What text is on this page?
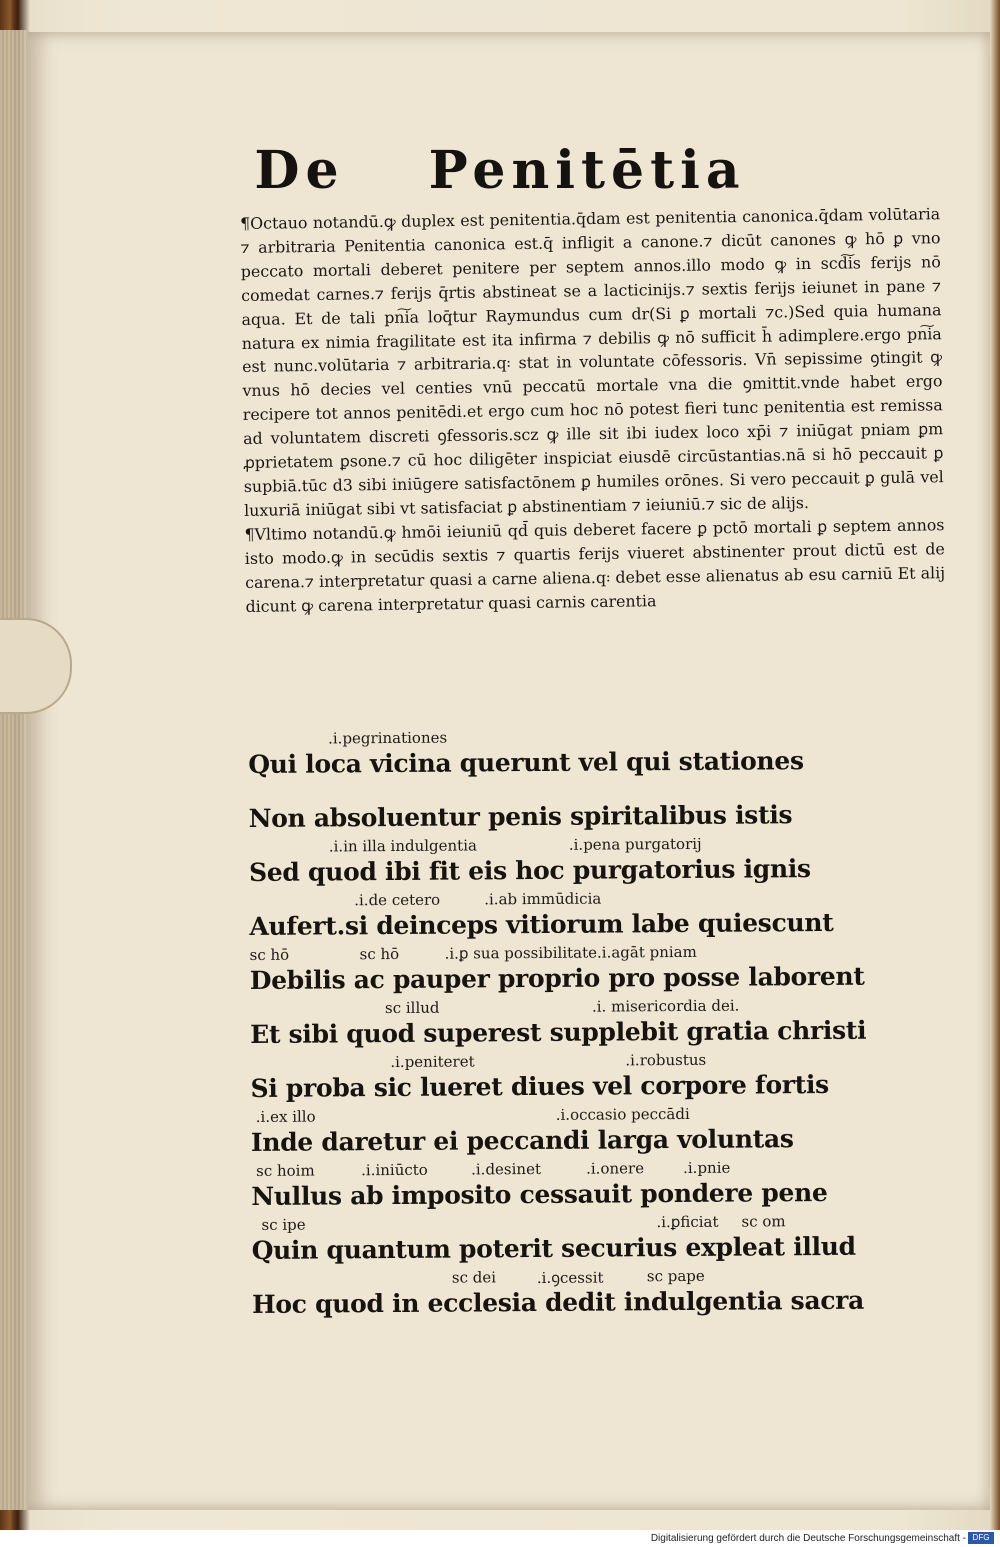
De Penitētia

¶Octauo notandū.ꝙ duplex est penitentia.q̄dam est penitentia canonica.q̄dam volūtaria ⁊ arbitraria Penitentia canonica est.q̄ infligit a canone.⁊ dicūt canones ꝙ hō ꝑ vno peccato mortali deberet penitere per septem annos.illo modo ꝙ in scd͠is ferijs nō comedat carnes.⁊ ferijs q̄rtis abstineat se a lacticinijs.⁊ sextis ferijs ieiunet in pane ⁊ aqua. Et de tali pn͠ia loq̄tur Raymundus cum dr(Si ꝑ mortali ⁊c.)Sed quia humana natura ex nimia fragilitate est ita infirma ⁊ debilis ꝙ nō sufficit h̄ adimplere.ergo pn͠ia est nunc.volūtaria ⁊ arbitraria.q꞉ stat in voluntate cōfessoris. Vn̄ sepissime ꝯtingit ꝙ vnus hō decies vel centies vnū peccatū mortale vna die ꝯmittit.vnde habet ergo recipere tot annos penitēdi.et ergo cum hoc nō potest fieri tunc penitentia est remissa ad voluntatem discreti ꝯfessoris.scz ꝙ ille sit ibi iudex loco xp̄i ⁊ iniūgat pniam ꝑm ꝓprietatem ꝑsone.⁊ cū hoc diligēter inspiciat eiusdē circūstantias.nā si hō peccauit ꝑ supbiā.tūc d3 sibi iniūgere satisfactōnem ꝑ humiles orōnes. Si vero peccauit ꝑ gulā vel luxuriā iniūgat sibi vt satisfaciat ꝑ abstinentiam ⁊ ieiuniū.⁊ sic de alijs.

¶Vltimo notandū.ꝙ hmōi ieiuniū qd̄ quis deberet facere ꝑ pctō mortali ꝑ septem annos isto modo.ꝙ in secūdis sextis ⁊ quartis ferijs viueret abstinenter prout dictū est de carena.⁊ interpretatur quasi a carne aliena.q꞉ debet esse alienatus ab esu carniū Et alij dicunt ꝙ carena interpretatur quasi carnis carentia

.i.pegrinationes
Qui loca vicina querunt vel qui stationes
Non absoluentur penis spiritalibus istis
.i.in illa indulgentia	.i.pena purgatorij
Sed quod ibi fit eis hoc purgatorius ignis
.i.de cetero	.i.ab immūdicia
Aufert.si deinceps vitiorum labe quiescunt
sc hō	sc hō	.i.ꝑ sua possibilitate.i.agāt pniam
Debilis ac pauper proprio pro posse laborent
sc illud	.i. misericordia dei.
Et sibi quod superest supplebit gratia christi
.i.peniteret	.i.robustus
Si proba sic lueret diues vel corpore fortis
.i.ex illo	.i.occasio peccādi
Inde daretur ei peccandi larga voluntas
sc hoim	.i.iniūcto	.i.desinet	.i.onere	.i.pnie
Nullus ab imposito cessauit pondere pene
sc ipe	.i.ꝑficiat sc om
Quin quantum poterit securius expleat illud
sc dei	.i.ꝯcessit	sc pape
Hoc quod in ecclesia dedit indulgentia sacra
Digitalisierung gefördert durch die Deutsche Forschungsgemeinschaft - DFG
